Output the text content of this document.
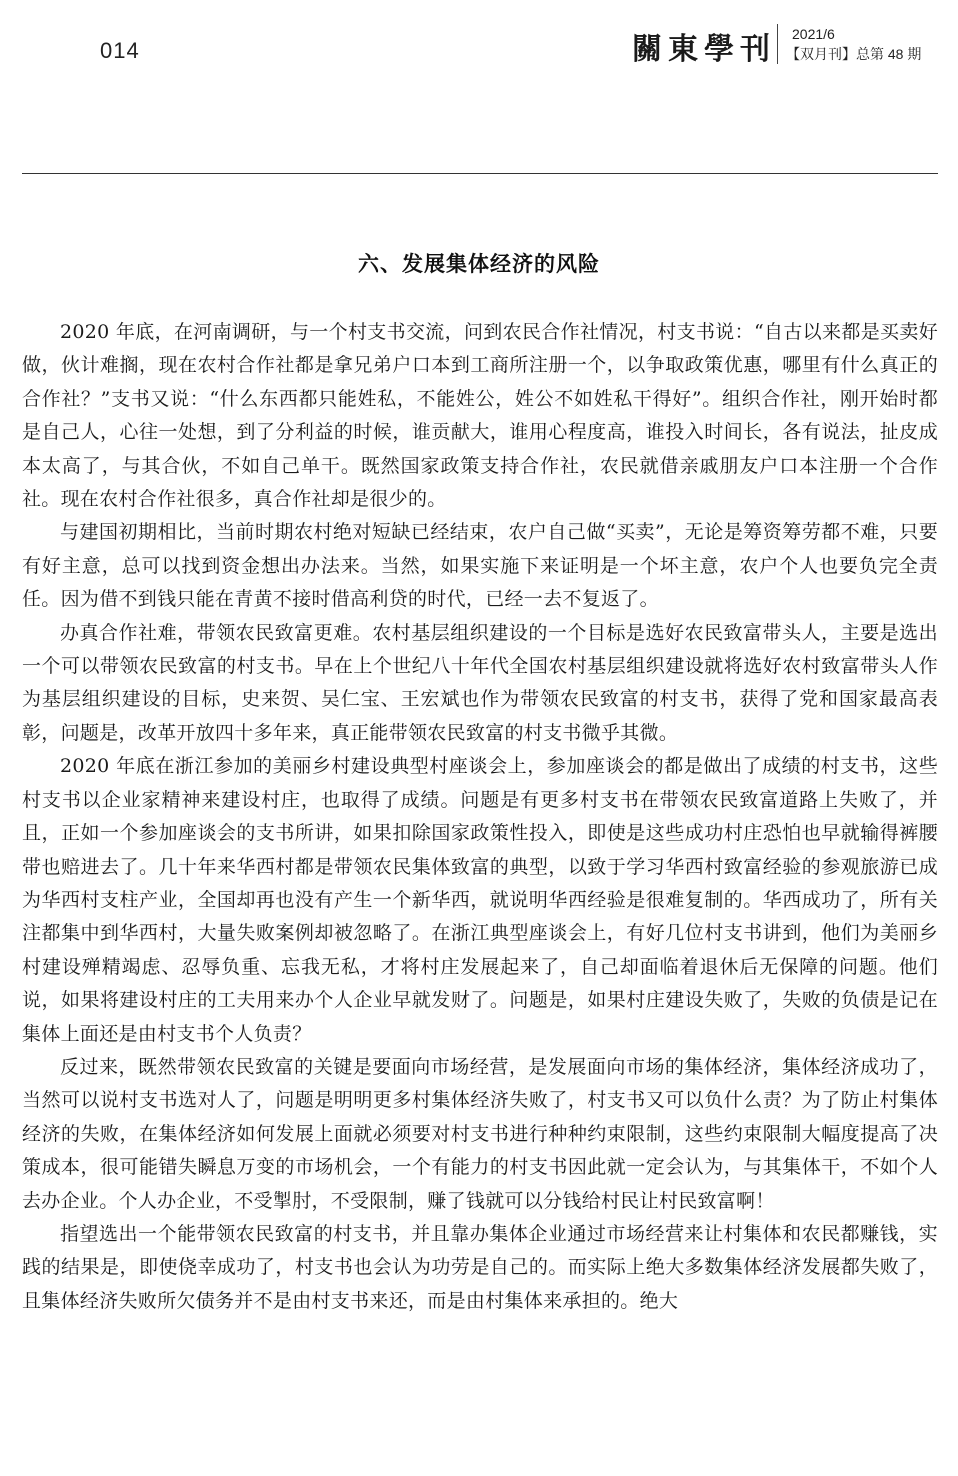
014	關東學刊 2021/6
【双月刊】总第 48 期
六、发展集体经济的风险

2020 年底，在河南调研，与一个村支书交流，问到农民合作社情况，村支书说：“自古以来都是买卖好做，伙计难搁，现在农村合作社都是拿兄弟户口本到工商所注册一个，以争取政策优惠，哪里有什么真正的合作社？”支书又说：“什么东西都只能姓私，不能姓公，姓公不如姓私干得好”。组织合作社，刚开始时都是自己人，心往一处想，到了分利益的时候，谁贡献大，谁用心程度高，谁投入时间长，各有说法，扯皮成本太高了，与其合伙，不如自己单干。既然国家政策支持合作社，农民就借亲戚朋友户口本注册一个合作社。现在农村合作社很多，真合作社却是很少的。

与建国初期相比，当前时期农村绝对短缺已经结束，农户自己做“买卖”，无论是筹资筹劳都不难，只要有好主意，总可以找到资金想出办法来。当然，如果实施下来证明是一个坏主意，农户个人也要负完全责任。因为借不到钱只能在青黄不接时借高利贷的时代，已经一去不复返了。

办真合作社难，带领农民致富更难。农村基层组织建设的一个目标是选好农民致富带头人，主要是选出一个可以带领农民致富的村支书。早在上个世纪八十年代全国农村基层组织建设就将选好农村致富带头人作为基层组织建设的目标，史来贺、吴仁宝、王宏斌也作为带领农民致富的村支书，获得了党和国家最高表彰，问题是，改革开放四十多年来，真正能带领农民致富的村支书微乎其微。

2020 年底在浙江参加的美丽乡村建设典型村座谈会上，参加座谈会的都是做出了成绩的村支书，这些村支书以企业家精神来建设村庄，也取得了成绩。问题是有更多村支书在带领农民致富道路上失败了，并且，正如一个参加座谈会的支书所讲，如果扣除国家政策性投入，即使是这些成功村庄恐怕也早就输得裤腰带也赔进去了。几十年来华西村都是带领农民集体致富的典型，以致于学习华西村致富经验的参观旅游已成为华西村支柱产业，全国却再也没有产生一个新华西，就说明华西经验是很难复制的。华西成功了，所有关注都集中到华西村，大量失败案例却被忽略了。在浙江典型座谈会上，有好几位村支书讲到，他们为美丽乡村建设殚精竭虑、忍辱负重、忘我无私，才将村庄发展起来了，自己却面临着退休后无保障的问题。他们说，如果将建设村庄的工夫用来办个人企业早就发财了。问题是，如果村庄建设失败了，失败的负债是记在集体上面还是由村支书个人负责？

反过来，既然带领农民致富的关键是要面向市场经营，是发展面向市场的集体经济，集体经济成功了，当然可以说村支书选对人了，问题是明明更多村集体经济失败了，村支书又可以负什么责？为了防止村集体经济的失败，在集体经济如何发展上面就必须要对村支书进行种种约束限制，这些约束限制大幅度提高了决策成本，很可能错失瞬息万变的市场机会，一个有能力的村支书因此就一定会认为，与其集体干，不如个人去办企业。个人办企业，不受掣肘，不受限制，赚了钱就可以分钱给村民让村民致富啊！

指望选出一个能带领农民致富的村支书，并且靠办集体企业通过市场经营来让村集体和农民都赚钱，实践的结果是，即使侥幸成功了，村支书也会认为功劳是自己的。而实际上绝大多数集体经济发展都失败了，且集体经济失败所欠债务并不是由村支书来还，而是由村集体来承担的。绝大
